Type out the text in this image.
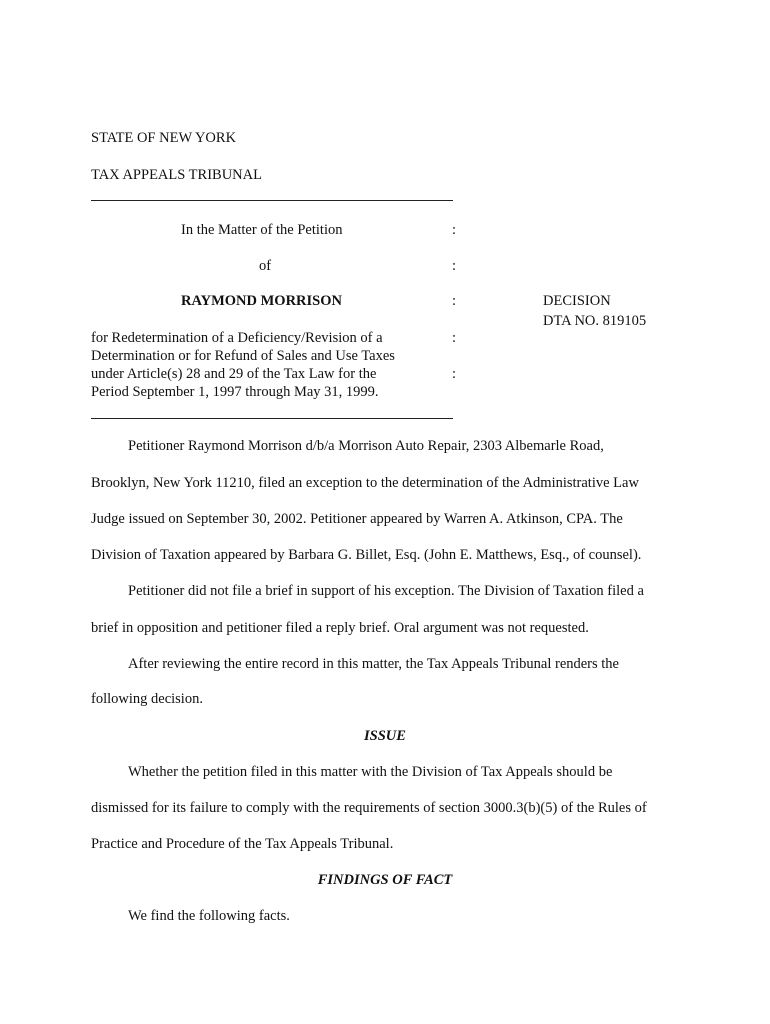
STATE OF NEW YORK
TAX APPEALS TRIBUNAL
In the Matter of the Petition	:
of	:
RAYMOND MORRISON	:	DECISION
DTA NO. 819105
for Redetermination of a Deficiency/Revision of a	:
Determination or for Refund of Sales and Use Taxes
under Article(s) 28 and 29 of the Tax Law for the	:
Period September 1, 1997 through May 31, 1999.
Petitioner Raymond Morrison d/b/a Morrison Auto Repair, 2303 Albemarle Road,
Brooklyn, New York 11210, filed an exception to the determination of the Administrative Law
Judge issued on September 30, 2002. Petitioner appeared by Warren A. Atkinson, CPA. The
Division of Taxation appeared by Barbara G. Billet, Esq. (John E. Matthews, Esq., of counsel).
Petitioner did not file a brief in support of his exception. The Division of Taxation filed a
brief in opposition and petitioner filed a reply brief. Oral argument was not requested.
After reviewing the entire record in this matter, the Tax Appeals Tribunal renders the
following decision.
ISSUE
Whether the petition filed in this matter with the Division of Tax Appeals should be
dismissed for its failure to comply with the requirements of section 3000.3(b)(5) of the Rules of
Practice and Procedure of the Tax Appeals Tribunal.
FINDINGS OF FACT
We find the following facts.
